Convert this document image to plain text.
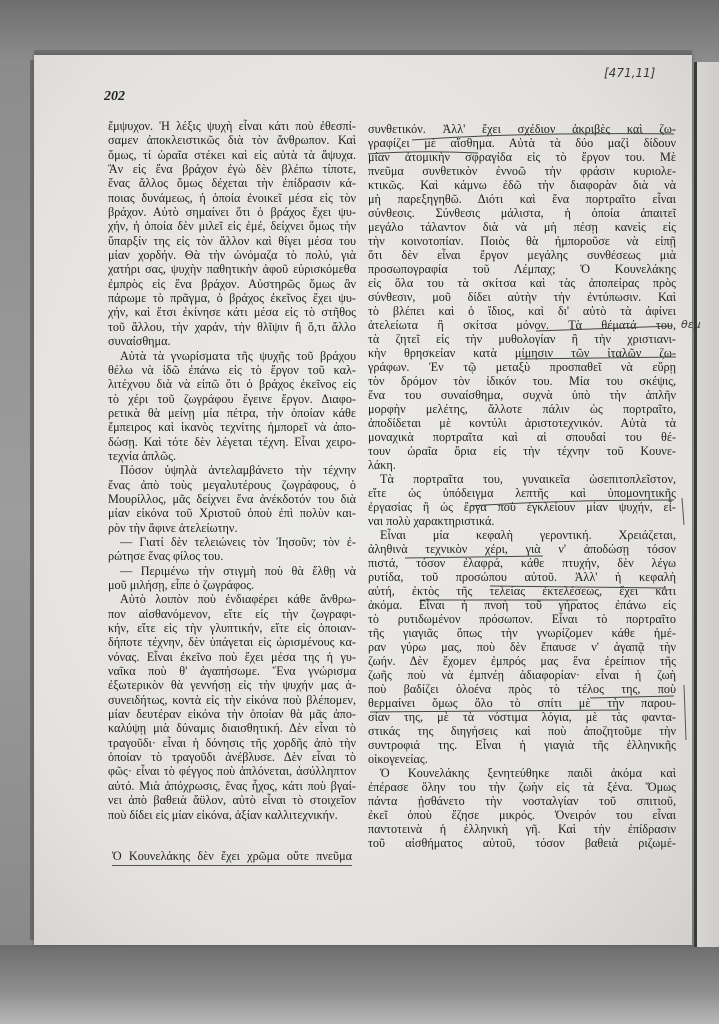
202
[471,11]
θεμ
ἔμψυχον. Ἡ λέξις ψυχὴ εἶναι κάτι ποὺ ἐθεσπί-
σαμεν ἀποκλειστικῶς διὰ τὸν ἄνθρωπον. Καὶ
ὅμως, τί ὡραῖα στέκει καὶ εἰς αὐτὰ τὰ ἄψυχα.
Ἂν εἰς ἕνα βράχον ἐγὼ δὲν βλέπω τίποτε,
ἕνας ἄλλος ὅμως δέχεται τὴν ἐπίδρασιν κά-
ποιας δυνάμεως, ἡ ὁποία ἐνοικεῖ μέσα εἰς τὸν
βράχον. Αὐτὸ σημαίνει ὅτι ὁ βράχος ἔχει ψυ-
χήν, ἡ ὁποία δὲν μιλεῖ εἰς ἐμέ, δείχνει ὅμως τὴν
ὕπαρξίν της εἰς τὸν ἄλλον καὶ θίγει μέσα του
μίαν χορδήν. Θὰ τὴν ὠνόμαζα τὸ πολύ, γιὰ
χατήρι σας, ψυχὴν παθητικὴν ἀφοῦ εὑρισκόμεθα
ἐμπρὸς εἰς ἕνα βράχον. Αὐστηρῶς ὅμως ἂν
πάρωμε τὸ πρᾶγμα, ὁ βράχος ἐκεῖνος ἔχει ψυ-
χήν, καὶ ἔτσι ἐκίνησε κάτι μέσα εἰς τὸ στῆθος
τοῦ ἄλλου, τὴν χαράν, τὴν θλῖψιν ἢ ὅ,τι ἄλλο
συναίσθημα.
Αὐτὰ τὰ γνωρίσματα τῆς ψυχῆς τοῦ βράχου
θέλω νὰ ἰδῶ ἐπάνω εἰς τὸ ἔργον τοῦ καλ-
λιτέχνου διὰ νὰ εἰπῶ ὅτι ὁ βράχος ἐκεῖνος εἰς
τὸ χέρι τοῦ ζωγράφου ἔγεινε ἔργον. Διαφο-
ρετικὰ θὰ μείνῃ μία πέτρα, τὴν ὁποίαν κάθε
ἔμπειρος καὶ ἱκανὸς τεχνίτης ἠμπορεῖ νὰ ἀπο-
δώσῃ. Καὶ τότε δὲν λέγεται τέχνη. Εἶναι χειρο-
τεχνία ἁπλῶς.
Πόσον ὑψηλὰ ἀντελαμβάνετο τὴν τέχνην
ἕνας ἀπὸ τοὺς μεγαλυτέρους ζωγράφους, ὁ
Μουρίλλος, μᾶς δείχνει ἕνα ἀνέκδοτόν του διὰ
μίαν εἰκόνα τοῦ Χριστοῦ ὁποὺ ἐπὶ πολὺν και-
ρὸν τὴν ἄφινε ἀτελείωτην.
— Γιατί δὲν τελειώνεις τὸν Ἰησοῦν; τὸν ἐ-
ρώτησε ἕνας φίλος του.
— Περιμένω τὴν στιγμὴ ποὺ θὰ ἔλθῃ νὰ
μοῦ μιλήσῃ, εἶπε ὁ ζωγράφος.
Αὐτὸ λοιπὸν ποὺ ἐνδιαφέρει κάθε ἄνθρω-
πον αἰσθανόμενον, εἴτε εἰς τὴν ζωγραφι-
κήν, εἴτε εἰς τὴν γλυπτικήν, εἴτε εἰς ὁποιαν-
δήποτε τέχνην, δὲν ὑπάγεται εἰς ὡρισμένους κα-
νόνας. Εἶναι ἐκεῖνο ποὺ ἔχει μέσα της ἡ γυ-
ναῖκα ποὺ θ' ἀγαπήσωμε. Ἕνα γνώρισμα
ἐξωτερικὸν θὰ γεννήσῃ εἰς τὴν ψυχήν μας ἀ-
συνειδήτως, κοντὰ εἰς τὴν εἰκόνα ποὺ βλέπομεν,
μίαν δευτέραν εἰκόνα τὴν ὁποίαν θὰ μᾶς ἀπο-
καλύψῃ μιὰ δύναμις διαισθητική. Δὲν εἶναι τὸ
τραγοῦδι· εἶναι ἡ δόνησις τῆς χορδῆς ἀπὸ τὴν
ὁποίαν τὸ τραγοῦδι ἀνέβλυσε. Δὲν εἶναι τὸ
φῶς· εἶναι τὸ φέγγος ποὺ ἁπλόνεται, ἀσύλληπτον
αὐτό. Μιὰ ἀπόχρωσις, ἕνας ἦχος, κάτι ποὺ βγαί-
νει ἀπὸ βαθειὰ ἄϋλον, αὐτὸ εἶναι τὸ στοιχεῖον
ποὺ δίδει εἰς μίαν εἰκόνα, ἀξίαν καλλιτεχνικήν.
συνθετικόν. Ἀλλ' ἔχει σχέδιον ἀκριβὲς καὶ ζω-
γραφίζει μὲ αἴσθημα. Αὐτὰ τὰ δύο μαζὶ δίδουν
μίαν ἀτομικὴν σφραγίδα εἰς τὸ ἔργον του. Μὲ
πνεῦμα συνθετικὸν ἐννοῶ τὴν φράσιν κυριολε-
κτικῶς. Καὶ κάμνω ἐδῶ τὴν διαφορὰν διὰ νὰ
μὴ παρεξηγηθῶ. Διότι καὶ ἕνα πορτραῖτο εἶναι
σύνθεσις. Σύνθεσις μάλιστα, ἡ ὁποία ἀπαιτεῖ
μεγάλο τάλαντον διὰ νὰ μὴ πέσῃ κανεὶς εἰς
τὴν κοινοτοπίαν. Ποιὸς θὰ ἠμποροῦσε νὰ εἰπῇ
ὅτι δὲν εἶναι ἔργον μεγάλης συνθέσεως μιὰ
προσωπογραφία τοῦ Λέμπαχ; Ὁ Κουνελάκης
εἰς ὅλα του τὰ σκίτσα καὶ τὰς ἀποπείρας πρὸς
σύνθεσιν, μοῦ δίδει αὐτὴν τὴν ἐντύπωσιν. Καὶ
τὸ βλέπει καὶ ὁ ἴδιος, καὶ δι' αὐτὸ τὰ ἀφίνει
ἀτελείωτα ἢ σκίτσα μόνον. Τὰ θέματά του,
τὰ ζητεῖ εἰς τὴν μυθολογίαν ἢ τὴν χριστιανι-
κὴν θρησκείαν κατὰ μίμησιν τῶν ἰταλῶν ζω-
γράφων. Ἐν τῷ μεταξὺ προσπαθεῖ νὰ εὕρῃ
τὸν δρόμον τὸν ἰδικόν του. Μία του σκέψις,
ἕνα του συναίσθημα, συχνὰ ὑπὸ τὴν ἁπλῆν
μορφὴν μελέτης, ἄλλοτε πάλιν ὡς πορτραῖτο,
ἀποδίδεται μὲ κοντύλι ἀριστοτεχνικόν. Αὐτὰ τὰ
μοναχικὰ πορτραῖτα καὶ αἱ σπουδαί του θέ-
τουν ὡραῖα ὅρια εἰς τὴν τέχνην τοῦ Κουνε-
λάκη.
Τὰ πορτραῖτα του, γυναικεῖα ὡσεπιτοπλεῖστον,
εἴτε ὡς ὑπόδειγμα λεπτῆς καὶ ὑπομονητικῆς
ἐργασίας ἢ ὡς ἔργα ποὺ ἐγκλείουν μίαν ψυχήν, εἶ-
ναι πολὺ χαρακτηριστικά.
Εἶναι μία κεφαλὴ γεροντική. Χρειάζεται,
ἀληθινὰ τεχνικὸν χέρι, γιὰ ν' ἀποδώσῃ τόσον
πιστά, τόσον ἐλαφρά, κάθε πτυχήν, δὲν λέγω
ρυτίδα, τοῦ προσώπου αὐτοῦ. Ἀλλ' ἡ κεφαλὴ
αὐτή, ἐκτὸς τῆς τελείας ἐκτελέσεως, ἔχει κάτι
ἀκόμα. Εἶναι ἡ πνοὴ τοῦ γήρατος ἐπάνω εἰς
τὸ ρυτιδωμένον πρόσωπον. Εἶναι τὸ πορτραῖτο
τῆς γιαγιᾶς ὅπως τὴν γνωρίζομεν κάθε ἡμέ-
ραν γύρω μας, ποὺ δὲν ἔπαυσε ν' ἀγαπᾷ τὴν
ζωήν. Δὲν ἔχομεν ἐμπρός μας ἕνα ἐρείπιον τῆς
ζωῆς ποὺ νὰ ἐμπνέῃ ἀδιαφορίαν· εἶναι ἡ ζωὴ
ποὺ βαδίζει ὁλοένα πρὸς τὸ τέλος της, ποὺ
θερμαίνει ὅμως ὅλο τὸ σπίτι μὲ τὴν παρου-
σίαν της, μὲ τὰ νόστιμα λόγια, μὲ τὰς φαντα-
στικάς της διηγήσεις καὶ ποὺ ἀποζητοῦμε τὴν
συντροφιά της. Εἶναι ἡ γιαγιὰ τῆς ἑλληνικῆς
οἰκογενείας.
Ὁ Κουνελάκης ξενητεύθηκε παιδὶ ἀκόμα καὶ
ἐπέρασε ὅλην του τὴν ζωὴν εἰς τὰ ξένα. Ὅμως
πάντα ᾐσθάνετο τὴν νοσταλγίαν τοῦ σπιτιοῦ,
ἐκεῖ ὁποὺ ἔζησε μικρός. Ὀνειρόν του εἶναι
παντοτεινὰ ἡ ἑλληνικὴ γῆ. Καὶ τὴν ἐπίδρασιν
τοῦ αἰσθήματος αὐτοῦ, τόσον βαθειὰ ριζωμέ-
Ὁ Κουνελάκης δὲν ἔχει χρῶμα οὔτε πνεῦμα
